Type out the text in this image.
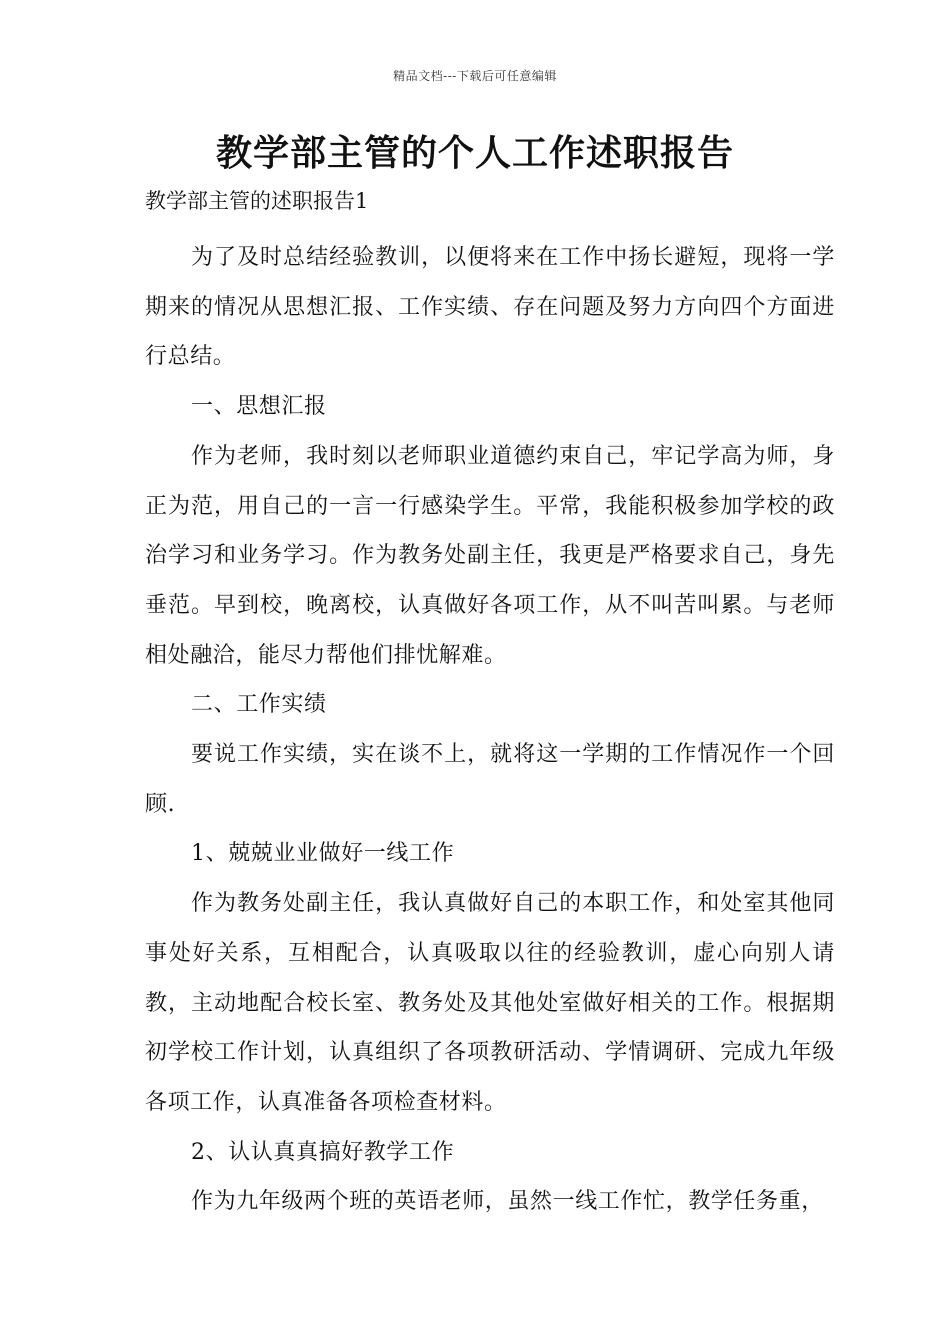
精品文档---下载后可任意编辑
教学部主管的个人工作述职报告
教学部主管的述职报告1

为了及时总结经验教训，以便将来在工作中扬长避短，现将一学期来的情况从思想汇报、工作实绩、存在问题及努力方向四个方面进行总结。

一、思想汇报

作为老师，我时刻以老师职业道德约束自己，牢记学高为师，身正为范，用自己的一言一行感染学生。平常，我能积极参加学校的政治学习和业务学习。作为教务处副主任，我更是严格要求自己，身先垂范。早到校，晚离校，认真做好各项工作，从不叫苦叫累。与老师相处融洽，能尽力帮他们排忧解难。

二、工作实绩

要说工作实绩，实在谈不上，就将这一学期的工作情况作一个回顾.

1、兢兢业业做好一线工作

作为教务处副主任，我认真做好自己的本职工作，和处室其他同事处好关系，互相配合，认真吸取以往的经验教训，虚心向别人请教，主动地配合校长室、教务处及其他处室做好相关的工作。根据期初学校工作计划，认真组织了各项教研活动、学情调研、完成九年级各项工作，认真准备各项检查材料。

2、认认真真搞好教学工作

作为九年级两个班的英语老师，虽然一线工作忙，教学任务重，
